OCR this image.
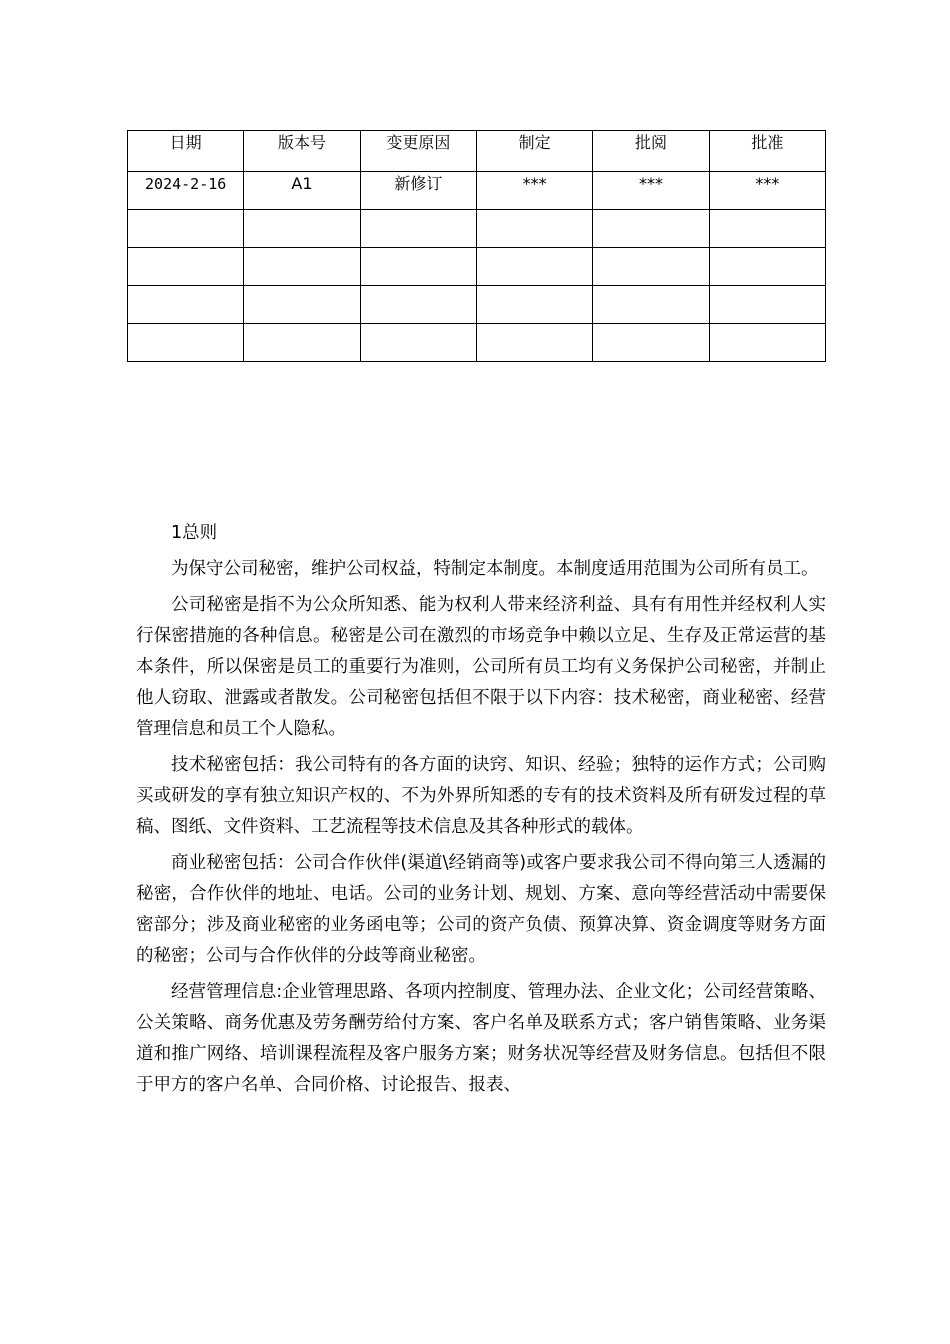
日期	版本号	变更原因	制定	批阅	批准
2024-2-16	A1	新修订	***	***	***

1总则

为保守公司秘密，维护公司权益，特制定本制度。本制度适用范围为公司所有员工。

公司秘密是指不为公众所知悉、能为权利人带来经济利益、具有有用性并经权利人实行保密措施的各种信息。秘密是公司在激烈的市场竞争中赖以立足、生存及正常运营的基本条件，所以保密是员工的重要行为准则，公司所有员工均有义务保护公司秘密，并制止他人窃取、泄露或者散发。公司秘密包括但不限于以下内容：技术秘密，商业秘密、经营管理信息和员工个人隐私。

技术秘密包括：我公司特有的各方面的诀窍、知识、经验；独特的运作方式；公司购买或研发的享有独立知识产权的、不为外界所知悉的专有的技术资料及所有研发过程的草稿、图纸、文件资料、工艺流程等技术信息及其各种形式的载体。

商业秘密包括：公司合作伙伴(渠道\经销商等)或客户要求我公司不得向第三人透漏的秘密，合作伙伴的地址、电话。公司的业务计划、规划、方案、意向等经营活动中需要保密部分；涉及商业秘密的业务函电等；公司的资产负债、预算决算、资金调度等财务方面的秘密；公司与合作伙伴的分歧等商业秘密。

经营管理信息:企业管理思路、各项内控制度、管理办法、企业文化；公司经营策略、公关策略、商务优惠及劳务酬劳给付方案、客户名单及联系方式；客户销售策略、业务渠道和推广网络、培训课程流程及客户服务方案；财务状况等经营及财务信息。包括但不限于甲方的客户名单、合同价格、讨论报告、报表、
